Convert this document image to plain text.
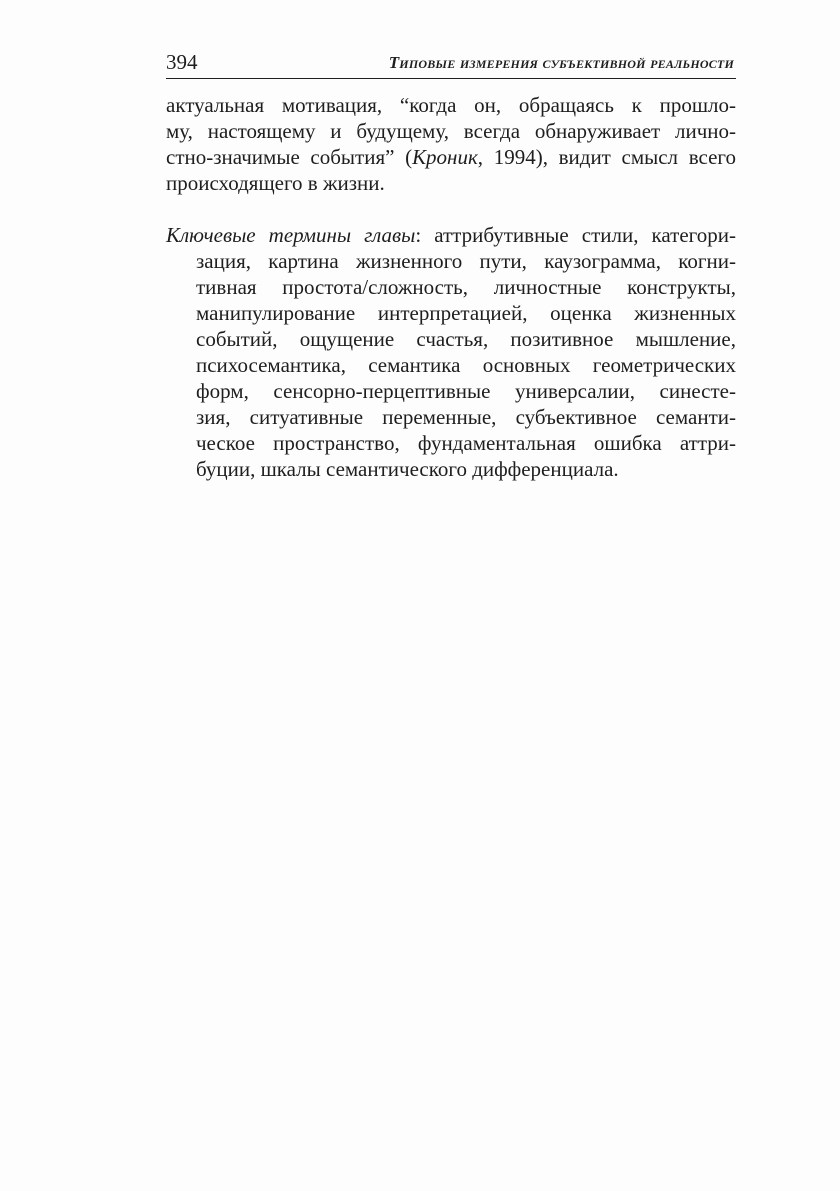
394	Типовые измерения субъективной реальности
актуальная мотивация, “когда он, обращаясь к прошло-
му, настоящему и будущему, всегда обнаруживает лично-
стно-значимые события” (Кроник, 1994), видит смысл всего
происходящего в жизни.
Ключевые термины главы: аттрибутивные стили, категори-
зация, картина жизненного пути, каузограмма, когни-
тивная простота/сложность, личностные конструкты,
манипулирование интерпретацией, оценка жизненных
событий, ощущение счастья, позитивное мышление,
психосемантика, семантика основных геометрических
форм, сенсорно-перцептивные универсалии, синесте-
зия, ситуативные переменные, субъективное семанти-
ческое пространство, фундаментальная ошибка аттри-
буции, шкалы семантического дифференциала.
